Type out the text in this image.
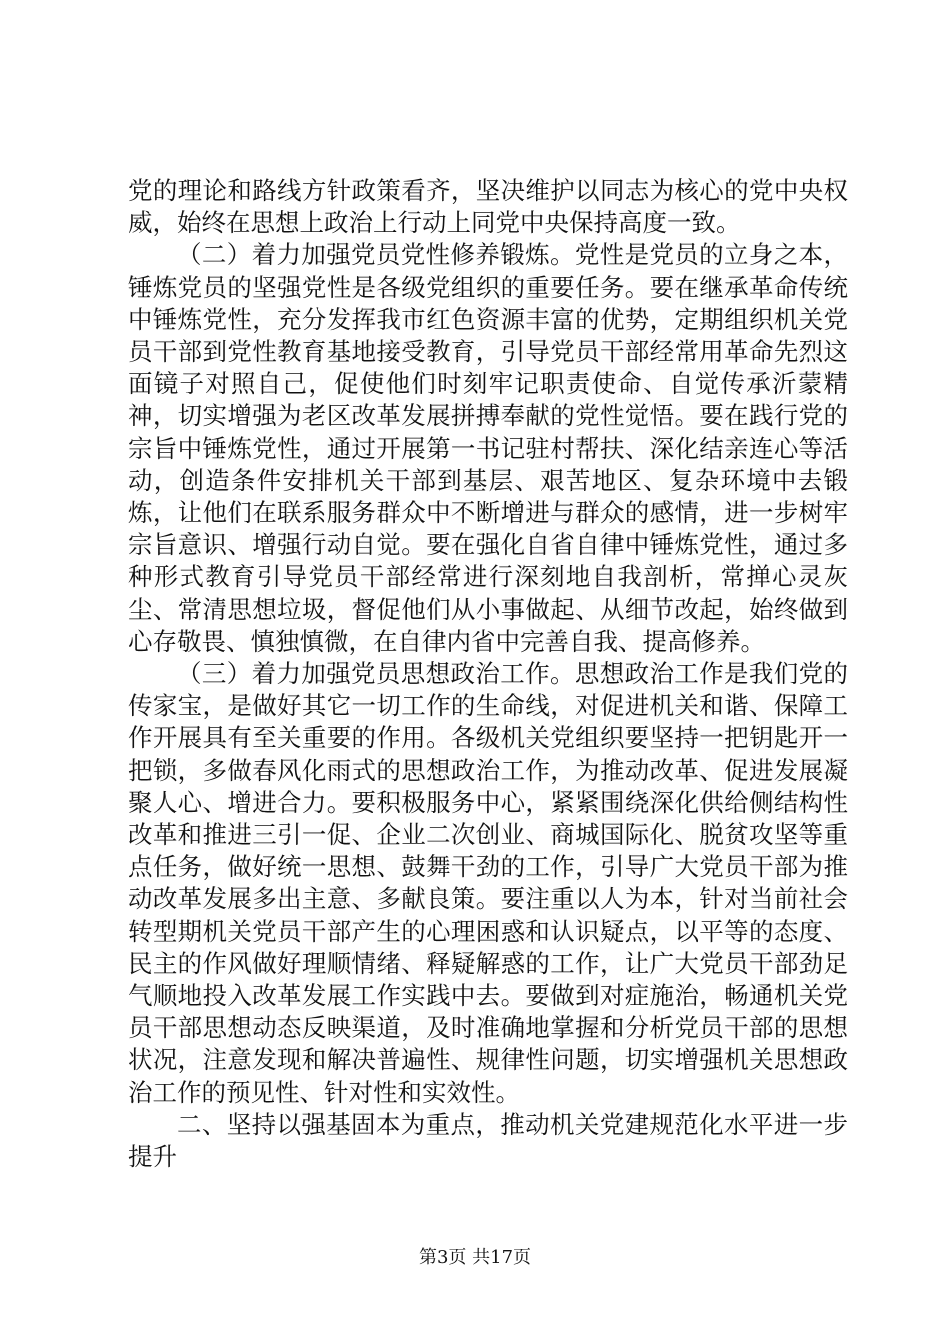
党的理论和路线方针政策看齐，坚决维护以同志为核心的党中央权威，始终在思想上政治上行动上同党中央保持高度一致。

（二）着力加强党员党性修养锻炼。党性是党员的立身之本，锤炼党员的坚强党性是各级党组织的重要任务。要在继承革命传统中锤炼党性，充分发挥我市红色资源丰富的优势，定期组织机关党员干部到党性教育基地接受教育，引导党员干部经常用革命先烈这面镜子对照自己，促使他们时刻牢记职责使命、自觉传承沂蒙精神，切实增强为老区改革发展拼搏奉献的党性觉悟。要在践行党的宗旨中锤炼党性，通过开展第一书记驻村帮扶、深化结亲连心等活动，创造条件安排机关干部到基层、艰苦地区、复杂环境中去锻炼，让他们在联系服务群众中不断增进与群众的感情，进一步树牢宗旨意识、增强行动自觉。要在强化自省自律中锤炼党性，通过多种形式教育引导党员干部经常进行深刻地自我剖析，常掸心灵灰尘、常清思想垃圾，督促他们从小事做起、从细节改起，始终做到心存敬畏、慎独慎微，在自律内省中完善自我、提高修养。

（三）着力加强党员思想政治工作。思想政治工作是我们党的传家宝，是做好其它一切工作的生命线，对促进机关和谐、保障工作开展具有至关重要的作用。各级机关党组织要坚持一把钥匙开一把锁，多做春风化雨式的思想政治工作，为推动改革、促进发展凝聚人心、增进合力。要积极服务中心，紧紧围绕深化供给侧结构性改革和推进三引一促、企业二次创业、商城国际化、脱贫攻坚等重点任务，做好统一思想、鼓舞干劲的工作，引导广大党员干部为推动改革发展多出主意、多献良策。要注重以人为本，针对当前社会转型期机关党员干部产生的心理困惑和认识疑点，以平等的态度、民主的作风做好理顺情绪、释疑解惑的工作，让广大党员干部劲足气顺地投入改革发展工作实践中去。要做到对症施治，畅通机关党员干部思想动态反映渠道，及时准确地掌握和分析党员干部的思想状况，注意发现和解决普遍性、规律性问题，切实增强机关思想政治工作的预见性、针对性和实效性。

二、坚持以强基固本为重点，推动机关党建规范化水平进一步提升

第3页 共17页
